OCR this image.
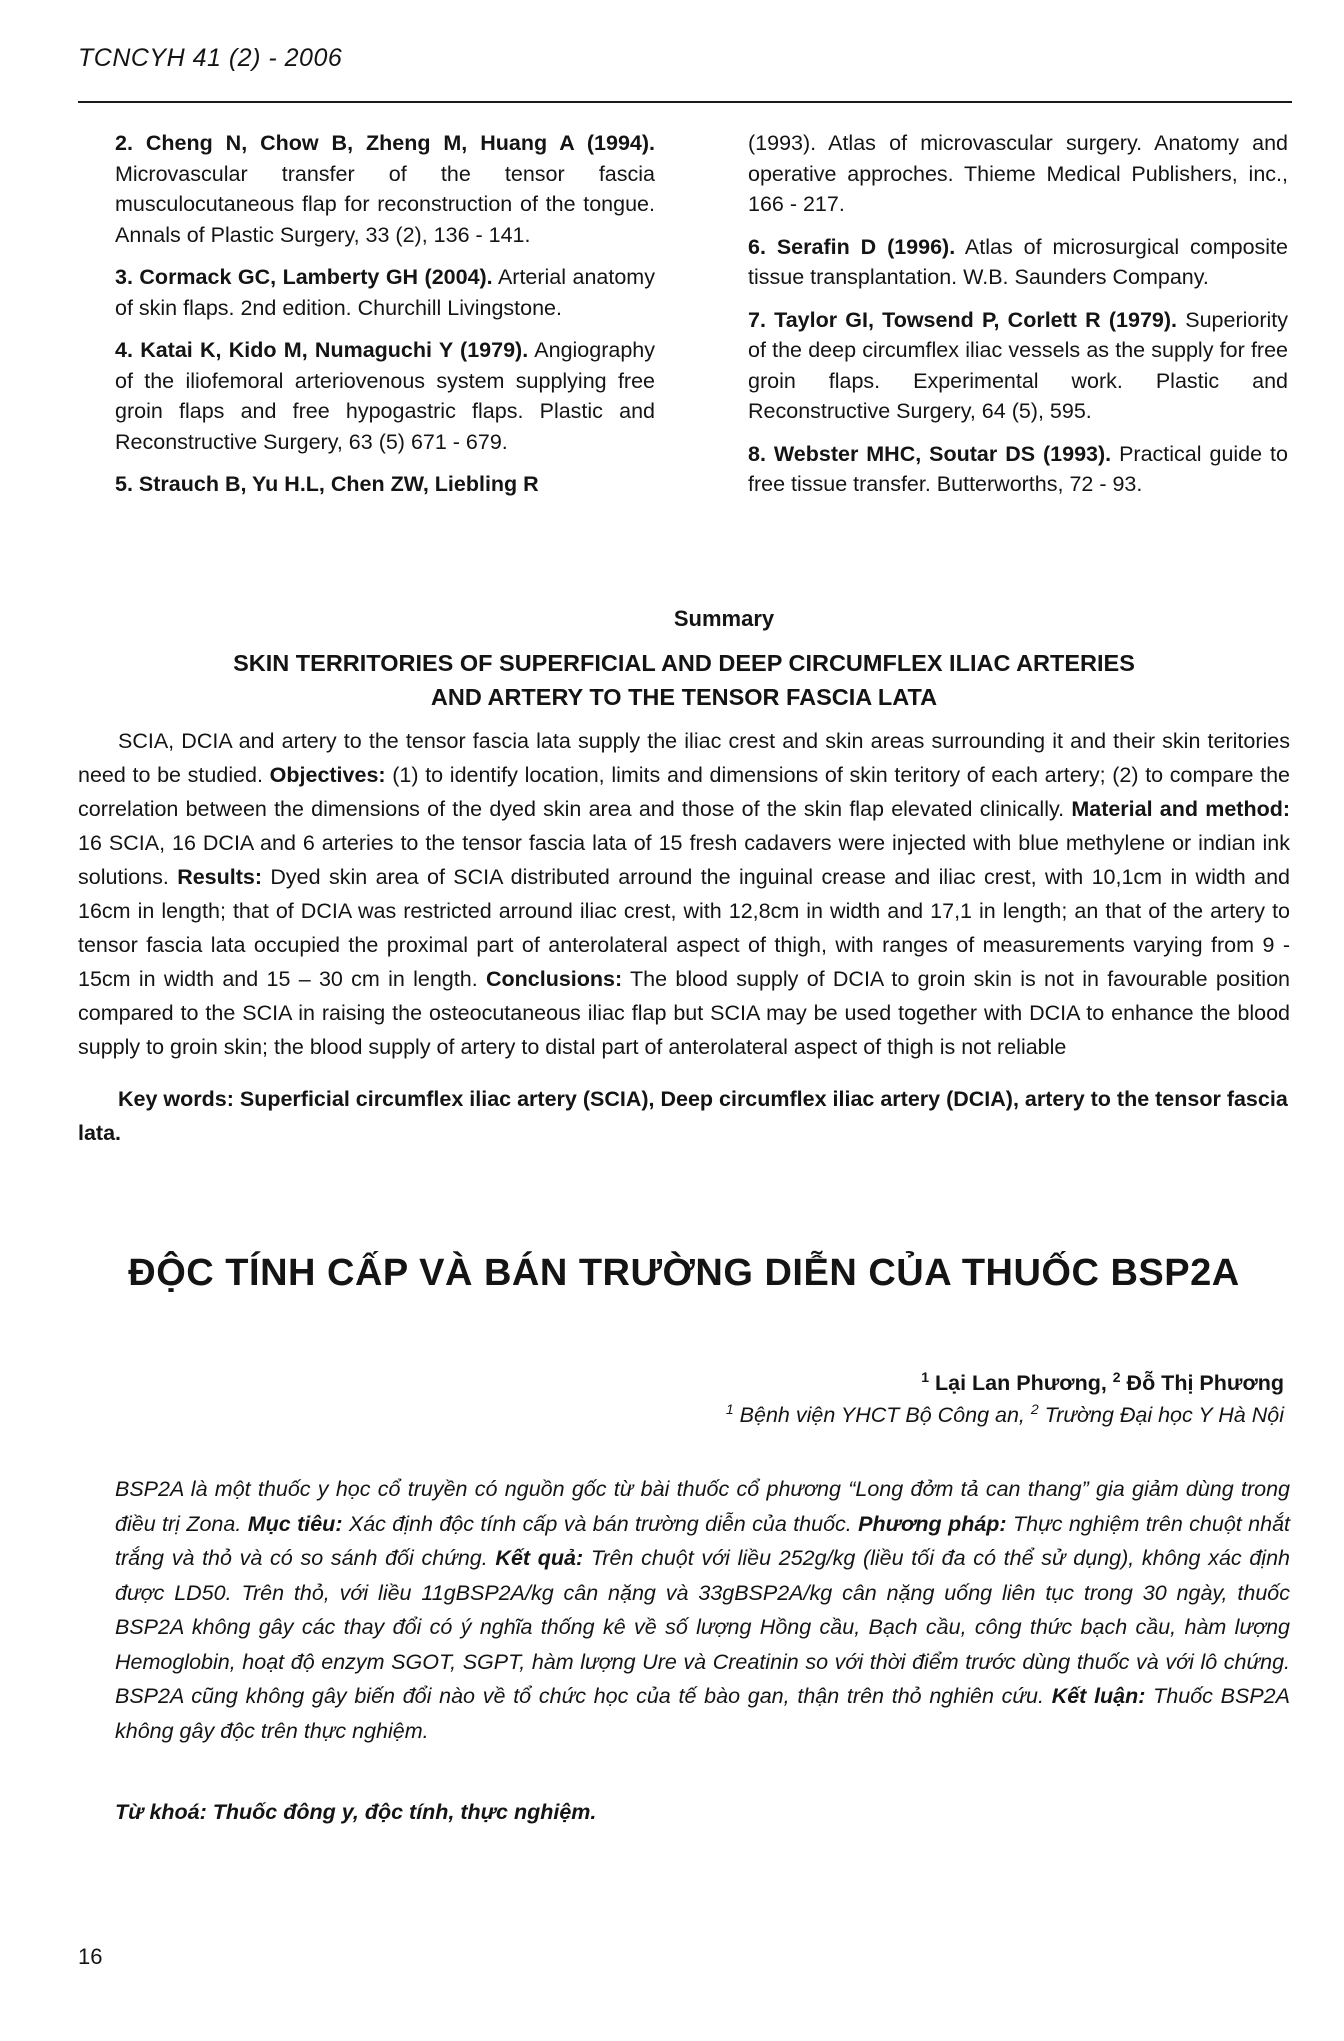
TCNCYH 41 (2) - 2006

2. Cheng N, Chow B, Zheng M, Huang A (1994). Microvascular transfer of the tensor fascia musculocutaneous flap for reconstruction of the tongue. Annals of Plastic Surgery, 33 (2), 136 - 141.

3. Cormack GC, Lamberty GH (2004). Arterial anatomy of skin flaps. 2nd edition. Churchill Livingstone.

4. Katai K, Kido M, Numaguchi Y (1979). Angiography of the iliofemoral arteriovenous system supplying free groin flaps and free hypogastric flaps. Plastic and Reconstructive Surgery, 63 (5) 671 - 679.

5. Strauch B, Yu H.L, Chen ZW, Liebling R

(1993). Atlas of microvascular surgery. Anatomy and operative approches. Thieme Medical Publishers, inc., 166 - 217.

6. Serafin D (1996). Atlas of microsurgical composite tissue transplantation. W.B. Saunders Company.

7. Taylor GI, Towsend P, Corlett R (1979). Superiority of the deep circumflex iliac vessels as the supply for free groin flaps. Experimental work. Plastic and Reconstructive Surgery, 64 (5), 595.

8. Webster MHC, Soutar DS (1993). Practical guide to free tissue transfer. Butterworths, 72 - 93.

Summary

SKIN TERRITORIES OF SUPERFICIAL AND DEEP CIRCUMFLEX ILIAC ARTERIES
AND ARTERY TO THE TENSOR FASCIA LATA

SCIA, DCIA and artery to the tensor fascia lata supply the iliac crest and skin areas surrounding it and their skin teritories need to be studied. Objectives: (1) to identify location, limits and dimensions of skin teritory of each artery; (2) to compare the correlation between the dimensions of the dyed skin area and those of the skin flap elevated clinically. Material and method: 16 SCIA, 16 DCIA and 6 arteries to the tensor fascia lata of 15 fresh cadavers were injected with blue methylene or indian ink solutions. Results: Dyed skin area of SCIA distributed arround the inguinal crease and iliac crest, with 10,1cm in width and 16cm in length; that of DCIA was restricted arround iliac crest, with 12,8cm in width and 17,1 in length; an that of the artery to tensor fascia lata occupied the proximal part of anterolateral aspect of thigh, with ranges of measurements varying from 9 - 15cm in width and 15 – 30 cm in length. Conclusions: The blood supply of DCIA to groin skin is not in favourable position compared to the SCIA in raising the osteocutaneous iliac flap but SCIA may be used together with DCIA to enhance the blood supply to groin skin; the blood supply of artery to distal part of anterolateral aspect of thigh is not reliable

Key words: Superficial circumflex iliac artery (SCIA), Deep circumflex iliac artery (DCIA), artery to the tensor fascia lata.

ĐỘC TÍNH CẤP VÀ BÁN TRƯỜNG DIỄN CỦA THUỐC BSP2A
$^1$ Lại Lan Phương, $^2$ Đỗ Thị Phương
$^1$ Bệnh viện YHCT Bộ Công an, $^2$ Trường Đại học Y Hà Nội

BSP2A là một thuốc y học cổ truyền có nguồn gốc từ bài thuốc cổ phương “Long đởm tả can thang” gia giảm dùng trong điều trị Zona. Mục tiêu: Xác định độc tính cấp và bán trường diễn của thuốc. Phương pháp: Thực nghiệm trên chuột nhắt trắng và thỏ và có so sánh đối chứng. Kết quả: Trên chuột với liều 252g/kg (liều tối đa có thể sử dụng), không xác định được LD50. Trên thỏ, với liều 11gBSP2A/kg cân nặng và 33gBSP2A/kg cân nặng uống liên tục trong 30 ngày, thuốc BSP2A không gây các thay đổi có ý nghĩa thống kê về số lượng Hồng cầu, Bạch cầu, công thức bạch cầu, hàm lượng Hemoglobin, hoạt độ enzym SGOT, SGPT, hàm lượng Ure và Creatinin so với thời điểm trước dùng thuốc và với lô chứng. BSP2A cũng không gây biến đổi nào về tổ chức học của tế bào gan, thận trên thỏ nghiên cứu. Kết luận: Thuốc BSP2A không gây độc trên thực nghiệm.

Từ khoá: Thuốc đông y, độc tính, thực nghiệm.

16
